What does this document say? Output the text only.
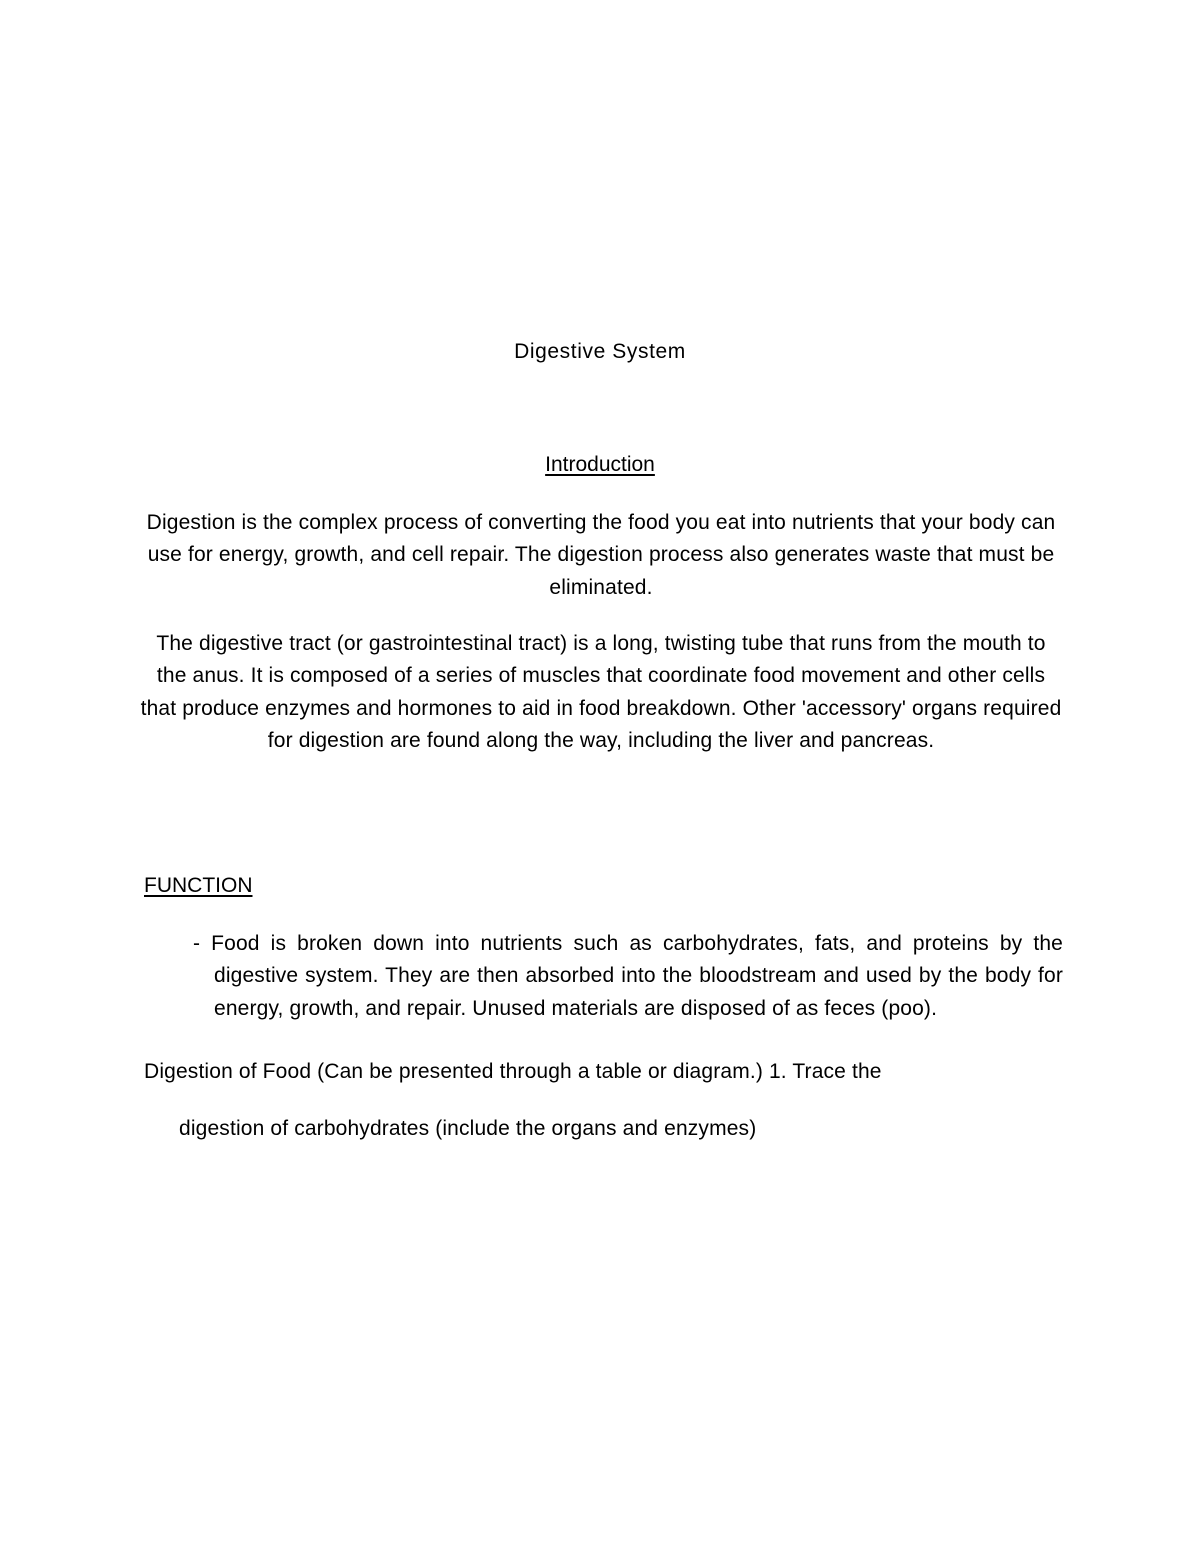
Digestive System
Introduction
Digestion is the complex process of converting the food you eat into nutrients that your body can use for energy, growth, and cell repair. The digestion process also generates waste that must be eliminated.
The digestive tract (or gastrointestinal tract) is a long, twisting tube that runs from the mouth to the anus. It is composed of a series of muscles that coordinate food movement and other cells that produce enzymes and hormones to aid in food breakdown. Other 'accessory' organs required for digestion are found along the way, including the liver and pancreas.
FUNCTION
- Food is broken down into nutrients such as carbohydrates, fats, and proteins by the digestive system. They are then absorbed into the bloodstream and used by the body for energy, growth, and repair. Unused materials are disposed of as feces (poo).
Digestion of Food (Can be presented through a table or diagram.) 1. Trace the
digestion of carbohydrates (include the organs and enzymes)
